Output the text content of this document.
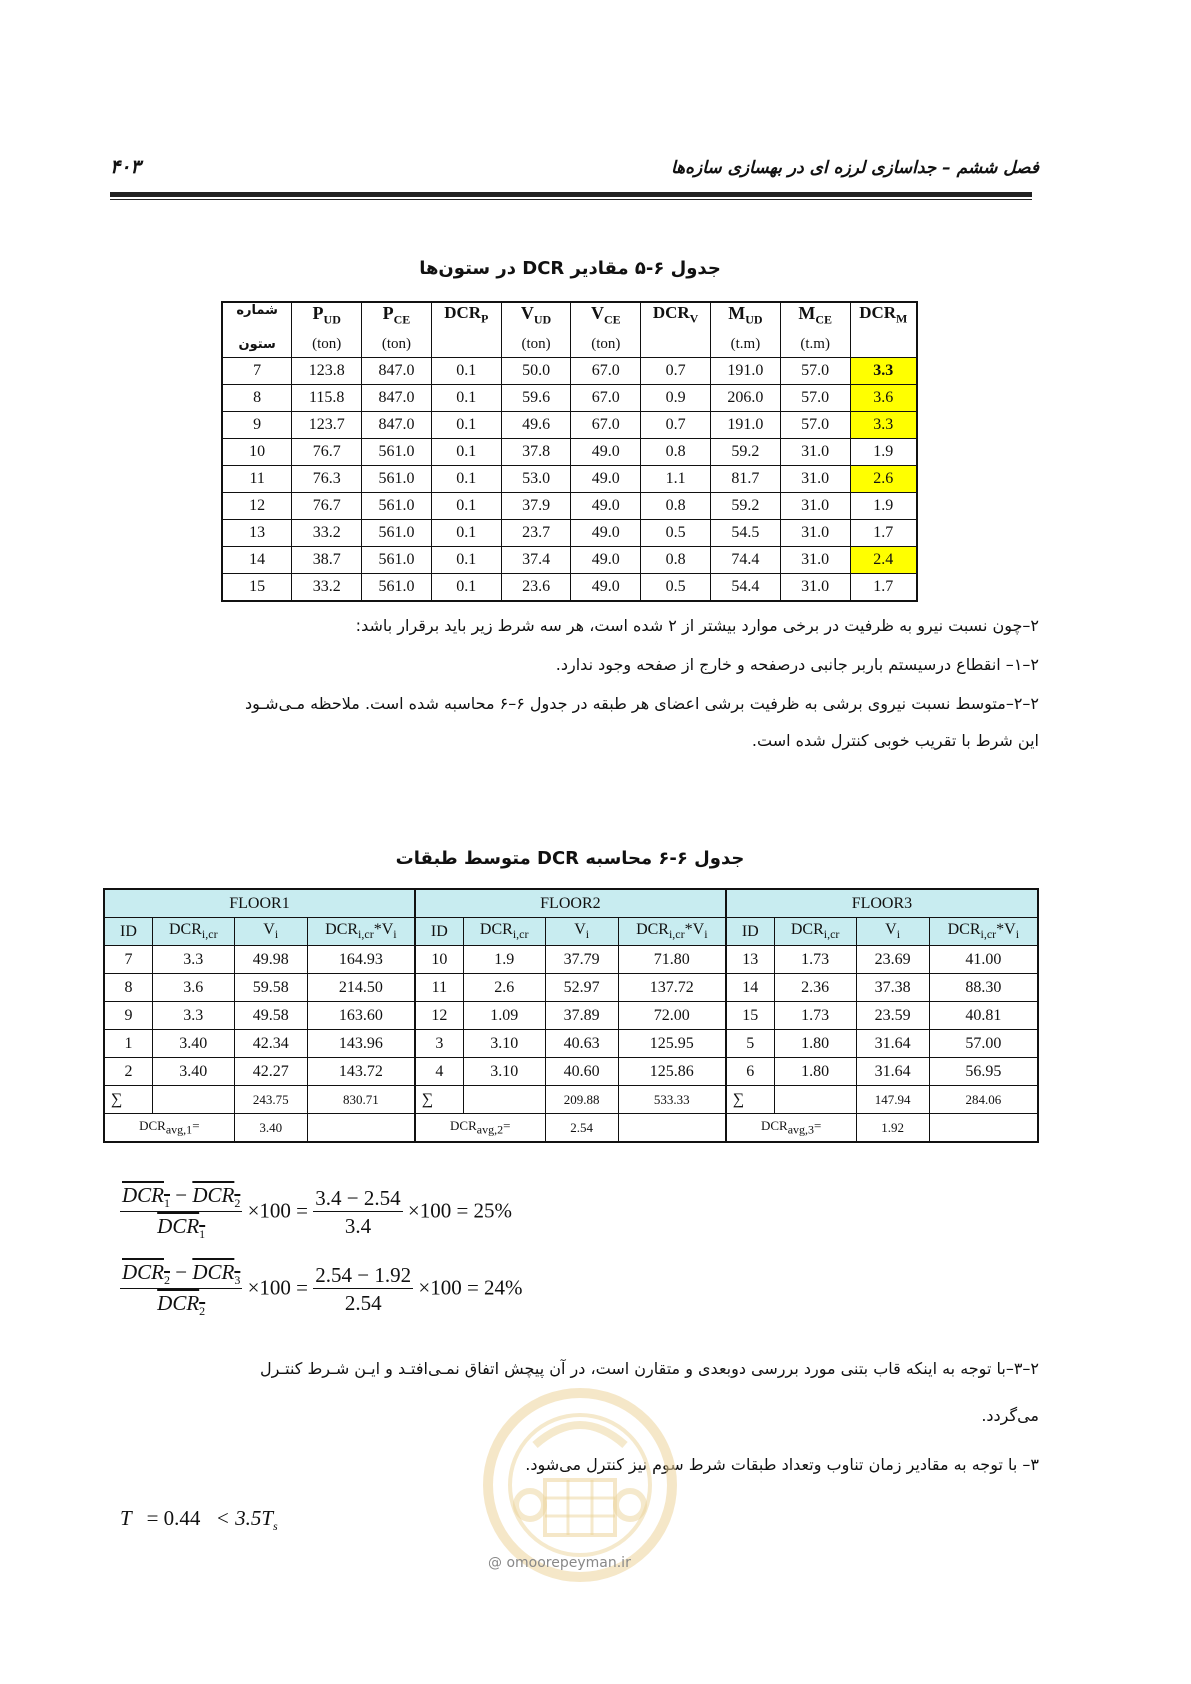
فصل ششم – جداسازی لرزه ای در بهسازی سازه‌ها
۴۰۳
جدول ۶-۵ مقادیر DCR در ستون‌ها
شماره	$P_{UD}$	$P_{CE}$	$DCR_P$	$V_{UD}$	$V_{CE}$	$DCR_V$	$M_{UD}$	$M_{CE}$	$DCR_M$
ستون	(ton)	(ton)		(ton)	(ton)		(t.m)	(t.m)	
7	123.8	847.0	0.1	50.0	67.0	0.7	191.0	57.0	3.3
8	115.8	847.0	0.1	59.6	67.0	0.9	206.0	57.0	3.6
9	123.7	847.0	0.1	49.6	67.0	0.7	191.0	57.0	3.3
10	76.7	561.0	0.1	37.8	49.0	0.8	59.2	31.0	1.9
11	76.3	561.0	0.1	53.0	49.0	1.1	81.7	31.0	2.6
12	76.7	561.0	0.1	37.9	49.0	0.8	59.2	31.0	1.9
13	33.2	561.0	0.1	23.7	49.0	0.5	54.5	31.0	1.7
14	38.7	561.0	0.1	37.4	49.0	0.8	74.4	31.0	2.4
15	33.2	561.0	0.1	23.6	49.0	0.5	54.4	31.0	1.7
۲–چون نسبت نیرو به ظرفیت در برخی موارد بیشتر از ۲ شده است، هر سه شرط زیر باید برقرار باشد:
۲–۱– انقطاع درسیستم باربر جانبی درصفحه و خارج از صفحه وجود ندارد.
۲–۲–متوسط نسبت نیروی برشی به ظرفیت برشی اعضای هر طبقه در جدول ۶–۶ محاسبه شده است. ملاحظه مـی‌شـود
این شرط با تقریب خوبی کنترل شده است.
جدول ۶-۶ محاسبه DCR متوسط طبقات
FLOOR1				FLOOR2				FLOOR3			
ID	$DCR_{i,cr}$	$V_i$	$DCR_{i,cr}*V_i$	ID	$DCR_{i,cr}$	$V_i$	$DCR_{i,cr}*V_i$	ID	$DCR_{i,cr}$	$V_i$	$DCR_{i,cr}*V_i$
7	3.3	49.98	164.93	10	1.9	37.79	71.80	13	1.73	23.69	41.00
8	3.6	59.58	214.50	11	2.6	52.97	137.72	14	2.36	37.38	88.30
9	3.3	49.58	163.60	12	1.09	37.89	72.00	15	1.73	23.59	40.81
1	3.40	42.34	143.96	3	3.10	40.63	125.95	5	1.80	31.64	57.00
2	3.40	42.27	143.72	4	3.10	40.60	125.86	6	1.80	31.64	56.95
∑		243.75	830.71	∑		209.88	533.33	∑		147.94	284.06
$DCR_{avg,1}=$		3.40		$DCR_{avg,2}=$		2.54		$DCR_{avg,3}=$		1.92	
$\frac{DCR_1 - DCR_2}{DCR_1} \times 100 = \frac{3.4 - 2.54}{3.4} \times 100 = 25\%$
$\frac{DCR_2 - DCR_3}{DCR_2} \times 100 = \frac{2.54 - 1.92}{2.54} \times 100 = 24\%$
۲–۳–با توجه به اینکه قاب بتنی مورد بررسی دوبعدی و متقارن است، در آن پیچش اتفاق نمـی‌افتـد و ایـن شـرط کنتـرل
می‌گردد.
۳– با توجه به مقادیر زمان تناوب وتعداد طبقات شرط سوم نیز کنترل می‌شود.
$T = 0.44 < 3.5T_s$
@ omoorepeyman.ir
